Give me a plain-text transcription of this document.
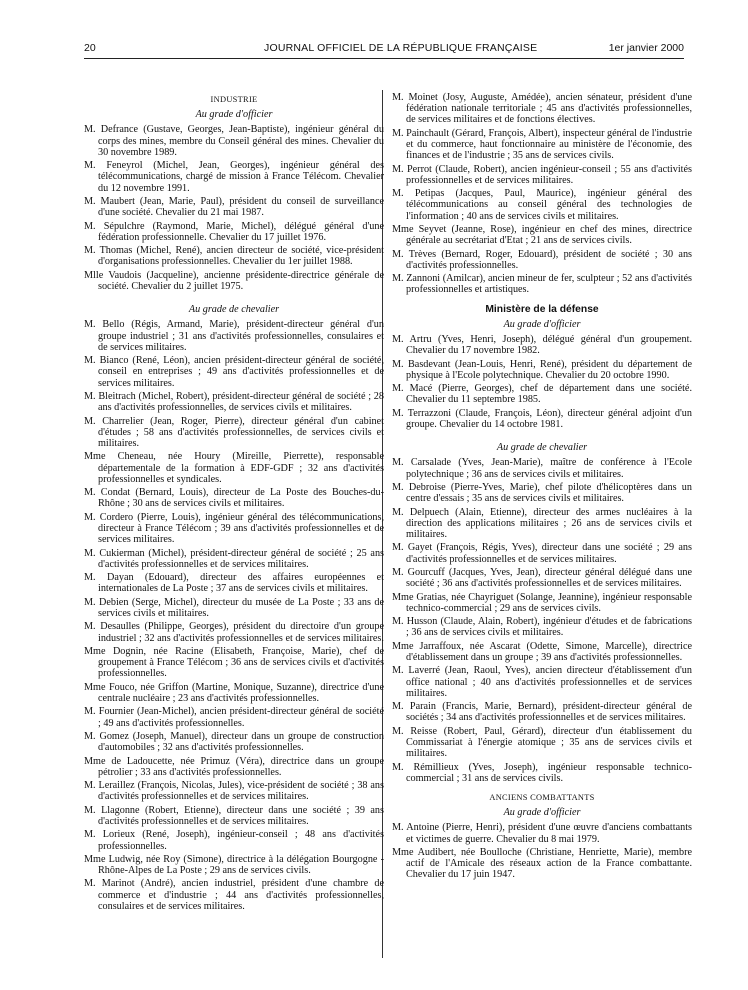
20	JOURNAL OFFICIEL DE LA RÉPUBLIQUE FRANÇAISE	1er janvier 2000
INDUSTRIE
Au grade d'officier
M. Defrance (Gustave, Georges, Jean-Baptiste), ingénieur général du corps des mines, membre du Conseil général des mines. Chevalier du 30 novembre 1989.
M. Feneyrol (Michel, Jean, Georges), ingénieur général des télécommunications, chargé de mission à France Télécom. Chevalier du 12 novembre 1991.
M. Maubert (Jean, Marie, Paul), président du conseil de surveillance d'une société. Chevalier du 21 mai 1987.
M. Sépulchre (Raymond, Marie, Michel), délégué général d'une fédération professionnelle. Chevalier du 17 juillet 1976.
M. Thomas (Michel, René), ancien directeur de société, vice-président d'organisations professionnelles. Chevalier du 1er juillet 1988.
Mlle Vaudois (Jacqueline), ancienne présidente-directrice générale de société. Chevalier du 2 juillet 1975.
Au grade de chevalier
M. Bello (Régis, Armand, Marie), président-directeur général d'un groupe industriel ; 31 ans d'activités professionnelles, consulaires et de services militaires.
M. Bianco (René, Léon), ancien président-directeur général de société, conseil en entreprises ; 49 ans d'activités professionnelles et de services militaires.
M. Bleitrach (Michel, Robert), président-directeur général de société ; 28 ans d'activités professionnelles, de services civils et militaires.
M. Charrelier (Jean, Roger, Pierre), directeur général d'un cabinet d'études ; 58 ans d'activités professionnelles, de services civils et militaires.
Mme Cheneau, née Houry (Mireille, Pierrette), responsable départementale de la formation à EDF-GDF ; 32 ans d'activités professionnelles et syndicales.
M. Condat (Bernard, Louis), directeur de La Poste des Bouches-du-Rhône ; 30 ans de services civils et militaires.
M. Cordero (Pierre, Louis), ingénieur général des télécommunications, directeur à France Télécom ; 39 ans d'activités professionnelles et de services militaires.
M. Cukierman (Michel), président-directeur général de société ; 25 ans d'activités professionnelles et de services militaires.
M. Dayan (Edouard), directeur des affaires européennes et internationales de La Poste ; 37 ans de services civils et militaires.
M. Debien (Serge, Michel), directeur du musée de La Poste ; 33 ans de services civils et militaires.
M. Desaulles (Philippe, Georges), président du directoire d'un groupe industriel ; 32 ans d'activités professionnelles et de services militaires.
Mme Dognin, née Racine (Elisabeth, Françoise, Marie), chef de groupement à France Télécom ; 36 ans de services civils et d'activités professionnelles.
Mme Fouco, née Griffon (Martine, Monique, Suzanne), directrice d'une centrale nucléaire ; 23 ans d'activités professionnelles.
M. Fournier (Jean-Michel), ancien président-directeur général de société ; 49 ans d'activités professionnelles.
M. Gomez (Joseph, Manuel), directeur dans un groupe de construction d'automobiles ; 32 ans d'activités professionnelles.
Mme de Ladoucette, née Primuz (Véra), directrice dans un groupe pétrolier ; 33 ans d'activités professionnelles.
M. Leraillez (François, Nicolas, Jules), vice-président de société ; 38 ans d'activités professionnelles et de services militaires.
M. Llagonne (Robert, Etienne), directeur dans une société ; 39 ans d'activités professionnelles et de services militaires.
M. Lorieux (René, Joseph), ingénieur-conseil ; 48 ans d'activités professionnelles.
Mme Ludwig, née Roy (Simone), directrice à la délégation Bourgogne - Rhône-Alpes de La Poste ; 29 ans de services civils.
M. Marinot (André), ancien industriel, président d'une chambre de commerce et d'industrie ; 44 ans d'activités professionnelles, consulaires et de services militaires.
M. Moinet (Josy, Auguste, Amédée), ancien sénateur, président d'une fédération nationale territoriale ; 45 ans d'activités professionnelles, de services militaires et de fonctions électives.
M. Painchault (Gérard, François, Albert), inspecteur général de l'industrie et du commerce, haut fonctionnaire au ministère de l'économie, des finances et de l'industrie ; 35 ans de services civils.
M. Perrot (Claude, Robert), ancien ingénieur-conseil ; 55 ans d'activités professionnelles et de services militaires.
M. Petipas (Jacques, Paul, Maurice), ingénieur général des télécommunications au conseil général des technologies de l'information ; 40 ans de services civils et militaires.
Mme Seyvet (Jeanne, Rose), ingénieur en chef des mines, directrice générale au secrétariat d'Etat ; 21 ans de services civils.
M. Trèves (Bernard, Roger, Edouard), président de société ; 30 ans d'activités professionnelles.
M. Zannoni (Amilcar), ancien mineur de fer, sculpteur ; 52 ans d'activités professionnelles et artistiques.
Ministère de la défense
Au grade d'officier
M. Artru (Yves, Henri, Joseph), délégué général d'un groupement. Chevalier du 17 novembre 1982.
M. Basdevant (Jean-Louis, Henri, René), président du département de physique à l'Ecole polytechnique. Chevalier du 20 octobre 1990.
M. Macé (Pierre, Georges), chef de département dans une société. Chevalier du 11 septembre 1985.
M. Terrazzoni (Claude, François, Léon), directeur général adjoint d'un groupe. Chevalier du 14 octobre 1981.
Au grade de chevalier
M. Carsalade (Yves, Jean-Marie), maître de conférence à l'Ecole polytechnique ; 36 ans de services civils et militaires.
M. Debroise (Pierre-Yves, Marie), chef pilote d'hélicoptères dans un centre d'essais ; 35 ans de services civils et militaires.
M. Delpuech (Alain, Etienne), directeur des armes nucléaires à la direction des applications militaires ; 26 ans de services civils et militaires.
M. Gayet (François, Régis, Yves), directeur dans une société ; 29 ans d'activités professionnelles et de services militaires.
M. Gourcuff (Jacques, Yves, Jean), directeur général délégué dans une société ; 36 ans d'activités professionnelles et de services militaires.
Mme Gratias, née Chayriguet (Solange, Jeannine), ingénieur responsable technico-commercial ; 29 ans de services civils.
M. Husson (Claude, Alain, Robert), ingénieur d'études et de fabrications ; 36 ans de services civils et militaires.
Mme Jarraffoux, née Ascarat (Odette, Simone, Marcelle), directrice d'établissement dans un groupe ; 39 ans d'activités professionnelles.
M. Laverré (Jean, Raoul, Yves), ancien directeur d'établissement d'un office national ; 40 ans d'activités professionnelles et de services militaires.
M. Parain (Francis, Marie, Bernard), président-directeur général de sociétés ; 34 ans d'activités professionnelles et de services militaires.
M. Reisse (Robert, Paul, Gérard), directeur d'un établissement du Commissariat à l'énergie atomique ; 35 ans de services civils et militaires.
M. Rémillieux (Yves, Joseph), ingénieur responsable technico-commercial ; 31 ans de services civils.
ANCIENS COMBATTANTS
Au grade d'officier
M. Antoine (Pierre, Henri), président d'une œuvre d'anciens combattants et victimes de guerre. Chevalier du 8 mai 1979.
Mme Audibert, née Boulloche (Christiane, Henriette, Marie), membre actif de l'Amicale des réseaux action de la France combattante. Chevalier du 17 juin 1947.
